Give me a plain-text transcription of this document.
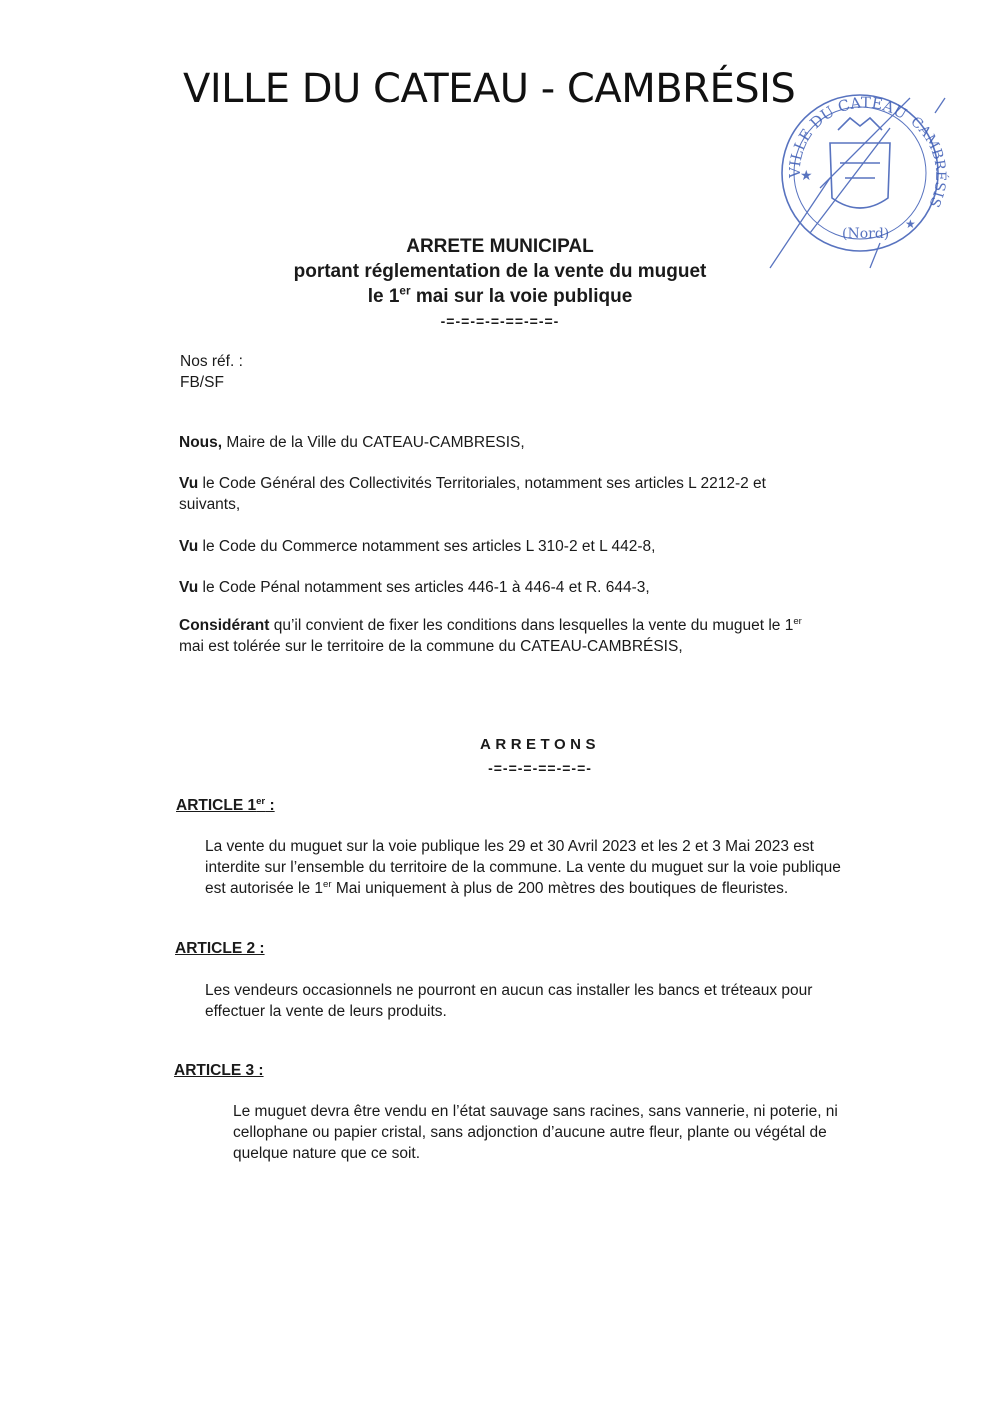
VILLE DU CATEAU - CAMBRÉSIS
VILLE DU CATEAU
CAMBRÉSIS
(Nord)
★
★
ARRETE MUNICIPAL
portant réglementation de la vente du muguet
le 1er mai sur la voie publique
-=-=-=-=-==-=-=-
Nos réf. :
FB/SF
Nous, Maire de la Ville du CATEAU-CAMBRESIS,
Vu le Code Général des Collectivités Territoriales, notamment ses articles L 2212-2 et suivants,
Vu le Code du Commerce notamment ses articles L 310-2 et L 442-8,
Vu le Code Pénal notamment ses articles 446-1 à 446-4 et R. 644-3,
Considérant qu’il convient de fixer les conditions dans lesquelles la vente du muguet le 1er mai est tolérée sur le territoire de la commune du CATEAU-CAMBRÉSIS,
ARRETONS
-=-=-=-==-=-=-
ARTICLE 1er :
La vente du muguet sur la voie publique les 29 et 30 Avril 2023 et les 2 et 3 Mai 2023 est interdite sur l’ensemble du territoire de la commune. La vente du muguet sur la voie publique est autorisée le 1er Mai uniquement à plus de 200 mètres des boutiques de fleuristes.
ARTICLE 2 :
Les vendeurs occasionnels ne pourront en aucun cas installer les bancs et tréteaux pour effectuer la vente de leurs produits.
ARTICLE 3 :
Le muguet devra être vendu en l’état sauvage sans racines, sans vannerie, ni poterie, ni cellophane ou papier cristal, sans adjonction d’aucune autre fleur, plante ou végétal de quelque nature que ce soit.
